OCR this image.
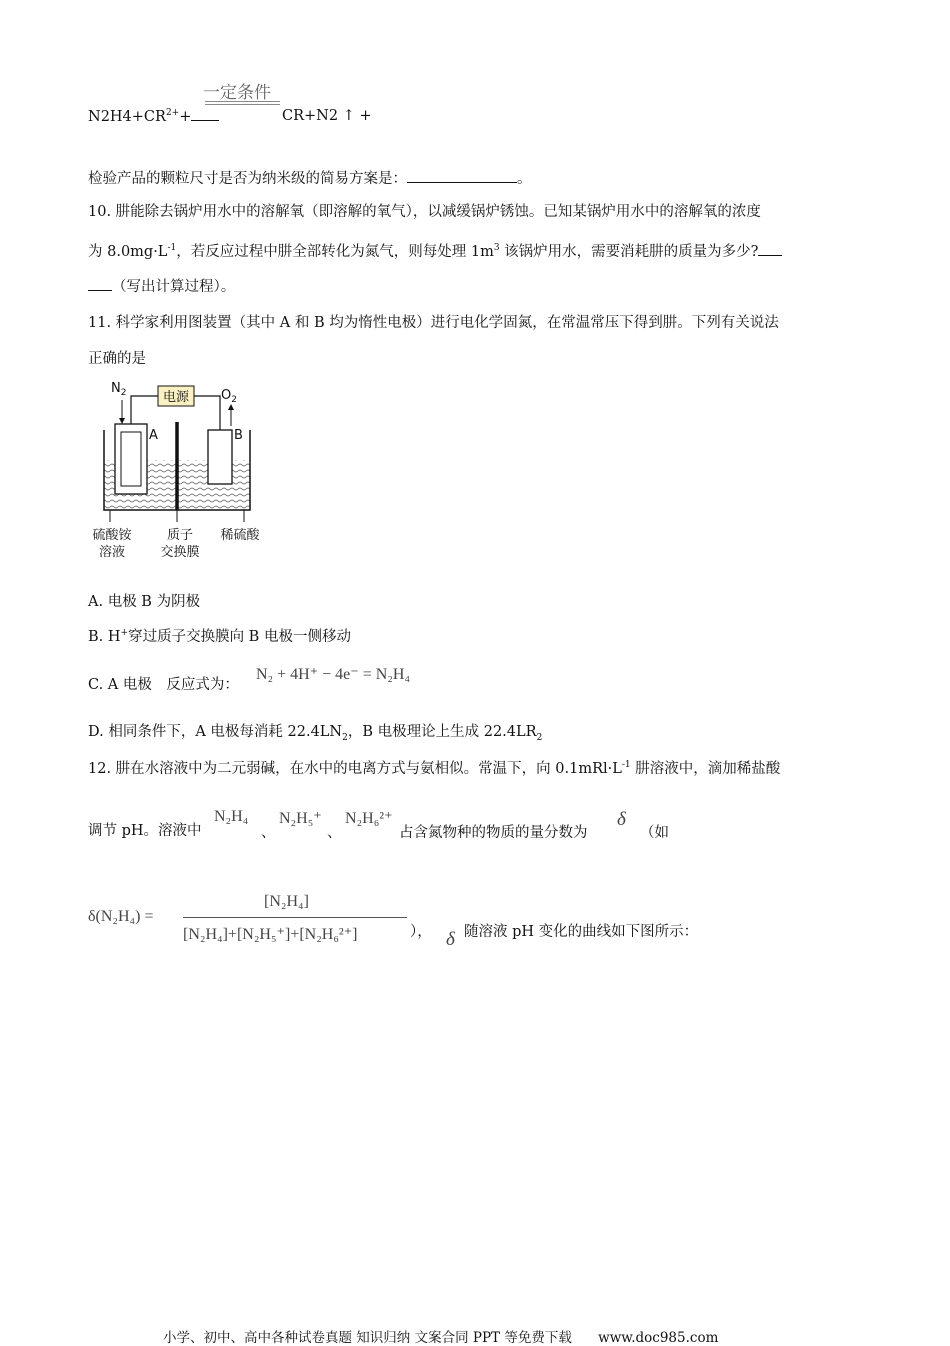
一定条件
$N2H4+CR^{2+}+$	CR+N2 ↑ +
检验产品的颗粒尺寸是否为纳米级的简易方案是：	。
10. 肼能除去锅炉用水中的溶解氧（即溶解的氧气），以减缓锅炉锈蚀。已知某锅炉用水中的溶解氧的浓度
为 $8.0mg\cdot L^{-1}$，若反应过程中肼全部转化为氮气，则每处理 $1m^3$ 该锅炉用水，需要消耗肼的质量为多少?
（写出计算过程）。
11. 科学家利用图装置（其中 A 和 B 均为惰性电极）进行电化学固氮，在常温常压下得到肼。下列有关说法
正确的是
电源
$N_2$	$O_2$
A	B
硫酸铵
溶液
质子
交换膜
稀硫酸
A. 电极 B 为阴极
B. H+穿过质子交换膜向 B 电极一侧移动
C. A 电极　反应式为：
N₂ + 4H⁺ − 4e⁻ = N₂H₄
D. 相同条件下，A 电极每消耗 $22.4LN_2$，B 电极理论上生成 $22.4LR_2$
12. 肼在水溶液中为二元弱碱，在水中的电离方式与氨相似。常温下，向 $0.1mRl\cdot L^{-1}$ 肼溶液中，滴加稀盐酸
调节 pH。溶液中
N₂H₄
、
N₂H₅⁺
、
N₂H₆²⁺
占含氮物种的物质的量分数为
δ
（如
δ(N₂H₄) =
[N₂H₄]
[N₂H₄]+[N₂H₅⁺]+[N₂H₆²⁺]	）， δ 随溶液 pH 变化的曲线如下图所示：
小学、初中、高中各种试卷真题 知识归纳 文案合同 PPT 等免费下载 www.doc985.com
